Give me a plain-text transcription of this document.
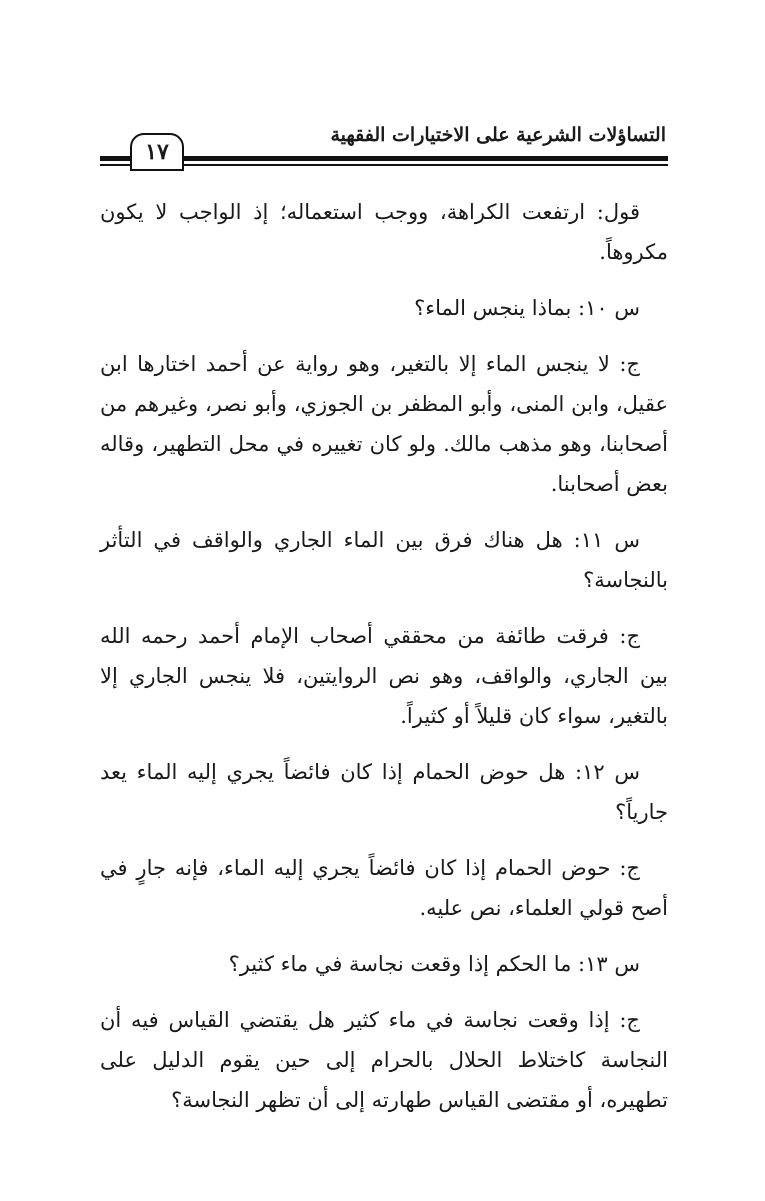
التساؤلات الشرعية على الاختيارات الفقهية
١٧

قول: ارتفعت الكراهة، ووجب استعماله؛ إذ الواجب لا يكون مكروهاً.

س ١٠: بماذا ينجس الماء؟

ج: لا ينجس الماء إلا بالتغير، وهو رواية عن أحمد اختارها ابن عقيل، وابن المنى، وأبو المظفر بن الجوزي، وأبو نصر، وغيرهم من أصحابنا، وهو مذهب مالك. ولو كان تغييره في محل التطهير، وقاله بعض أصحابنا.

س ١١: هل هناك فرق بين الماء الجاري والواقف في التأثر بالنجاسة؟

ج: فرقت طائفة من محققي أصحاب الإمام أحمد رحمه الله بين الجاري، والواقف، وهو نص الروايتين، فلا ينجس الجاري إلا بالتغير، سواء كان قليلاً أو كثيراً.

س ١٢: هل حوض الحمام إذا كان فائضاً يجري إليه الماء يعد جارياً؟

ج: حوض الحمام إذا كان فائضاً يجري إليه الماء، فإنه جارٍ في أصح قولي العلماء، نص عليه.

س ١٣: ما الحكم إذا وقعت نجاسة في ماء كثير؟

ج: إذا وقعت نجاسة في ماء كثير هل يقتضي القياس فيه أن النجاسة كاختلاط الحلال بالحرام إلى حين يقوم الدليل على تطهيره، أو مقتضى القياس طهارته إلى أن تظهر النجاسة؟
